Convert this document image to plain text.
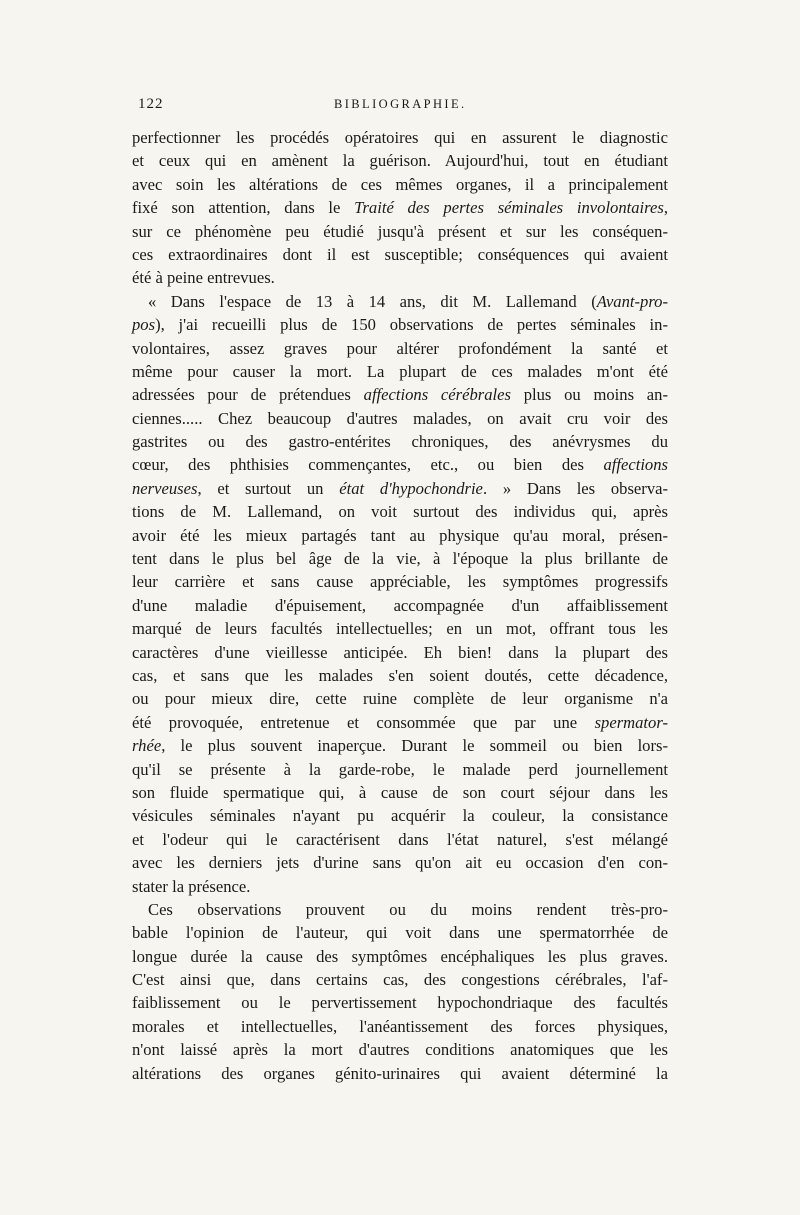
122	BIBLIOGRAPHIE.
perfectionner les procédés opératoires qui en assurent le diagnostic
et ceux qui en amènent la guérison. Aujourd'hui, tout en étudiant
avec soin les altérations de ces mêmes organes, il a principalement
fixé son attention, dans le Traité des pertes séminales involontaires,
sur ce phénomène peu étudié jusqu'à présent et sur les conséquen-
ces extraordinaires dont il est susceptible; conséquences qui avaient
été à peine entrevues.
« Dans l'espace de 13 à 14 ans, dit M. Lallemand (Avant-pro-
pos), j'ai recueilli plus de 150 observations de pertes séminales in-
volontaires, assez graves pour altérer profondément la santé et
même pour causer la mort. La plupart de ces malades m'ont été
adressées pour de prétendues affections cérébrales plus ou moins an-
ciennes..... Chez beaucoup d'autres malades, on avait cru voir des
gastrites ou des gastro-entérites chroniques, des anévrysmes du
cœur, des phthisies commençantes, etc., ou bien des affections
nerveuses, et surtout un état d'hypochondrie. » Dans les observa-
tions de M. Lallemand, on voit surtout des individus qui, après
avoir été les mieux partagés tant au physique qu'au moral, présen-
tent dans le plus bel âge de la vie, à l'époque la plus brillante de
leur carrière et sans cause appréciable, les symptômes progressifs
d'une maladie d'épuisement, accompagnée d'un affaiblissement
marqué de leurs facultés intellectuelles; en un mot, offrant tous les
caractères d'une vieillesse anticipée. Eh bien! dans la plupart des
cas, et sans que les malades s'en soient doutés, cette décadence,
ou pour mieux dire, cette ruine complète de leur organisme n'a
été provoquée, entretenue et consommée que par une spermator-
rhée, le plus souvent inaperçue. Durant le sommeil ou bien lors-
qu'il se présente à la garde-robe, le malade perd journellement
son fluide spermatique qui, à cause de son court séjour dans les
vésicules séminales n'ayant pu acquérir la couleur, la consistance
et l'odeur qui le caractérisent dans l'état naturel, s'est mélangé
avec les derniers jets d'urine sans qu'on ait eu occasion d'en con-
stater la présence.
Ces observations prouvent ou du moins rendent très-pro-
bable l'opinion de l'auteur, qui voit dans une spermatorrhée de
longue durée la cause des symptômes encéphaliques les plus graves.
C'est ainsi que, dans certains cas, des congestions cérébrales, l'af-
faiblissement ou le pervertissement hypochondriaque des facultés
morales et intellectuelles, l'anéantissement des forces physiques,
n'ont laissé après la mort d'autres conditions anatomiques que les
altérations des organes génito-urinaires qui avaient déterminé la
